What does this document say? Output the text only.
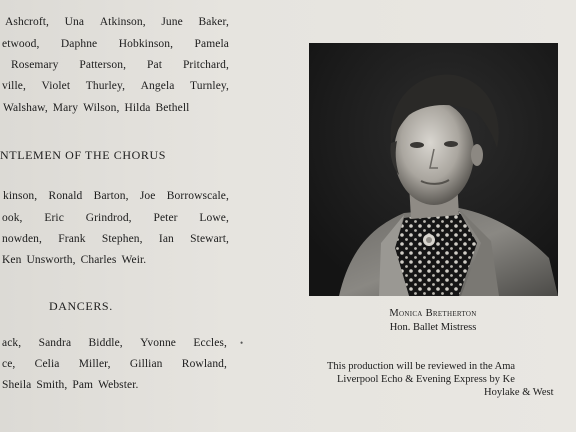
Ashcroft, Una Atkinson, June Baker,
etwood, Daphne Hobkinson, Pamela
Rosemary Patterson, Pat Pritchard,
ville, Violet Thurley, Angela Turnley,
Walshaw, Mary Wilson, Hilda Bethell
NTLEMEN OF THE CHORUS
kinson, Ronald Barton, Joe Borrowscale,
ook, Eric Grindrod, Peter Lowe,
nowden, Frank Stephen, Ian Stewart,
Ken Unsworth, Charles Weir.
DANCERS.
ack, Sandra Biddle, Yvonne Eccles,
ce, Celia Miller, Gillian Rowland,
Sheila Smith, Pam Webster.
•
Monica Bretherton
Hon. Ballet Mistress
This production will be reviewed in the Ama
Liverpool Echo & Evening Express by Ke
Hoylake & West
